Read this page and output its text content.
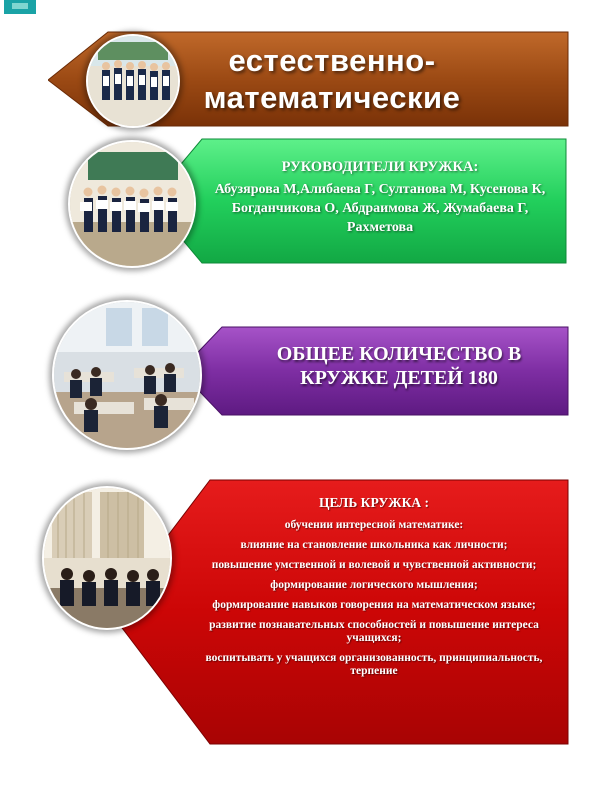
естественно-
математические
РУКОВОДИТЕЛИ КРУЖКА:
Абузярова М,Алибаева Г, Султанова М, Кусенова К, Богданчикова О, Абдраимова Ж, Жумабаева Г, Рахметова
ОБЩЕЕ КОЛИЧЕСТВО В КРУЖКЕ ДЕТЕЙ 180
ЦЕЛЬ КРУЖКА :
обучении интересной математике:
влияние на становление школьника как личности;
повышение умственной и волевой и чувственной активности;
формирование логического мышления;
формирование навыков говорения на математическом языке;
развитие познавательных способностей и повышение интереса учащихся;
воспитывать у учащихся организованность, принципиальность, терпение
